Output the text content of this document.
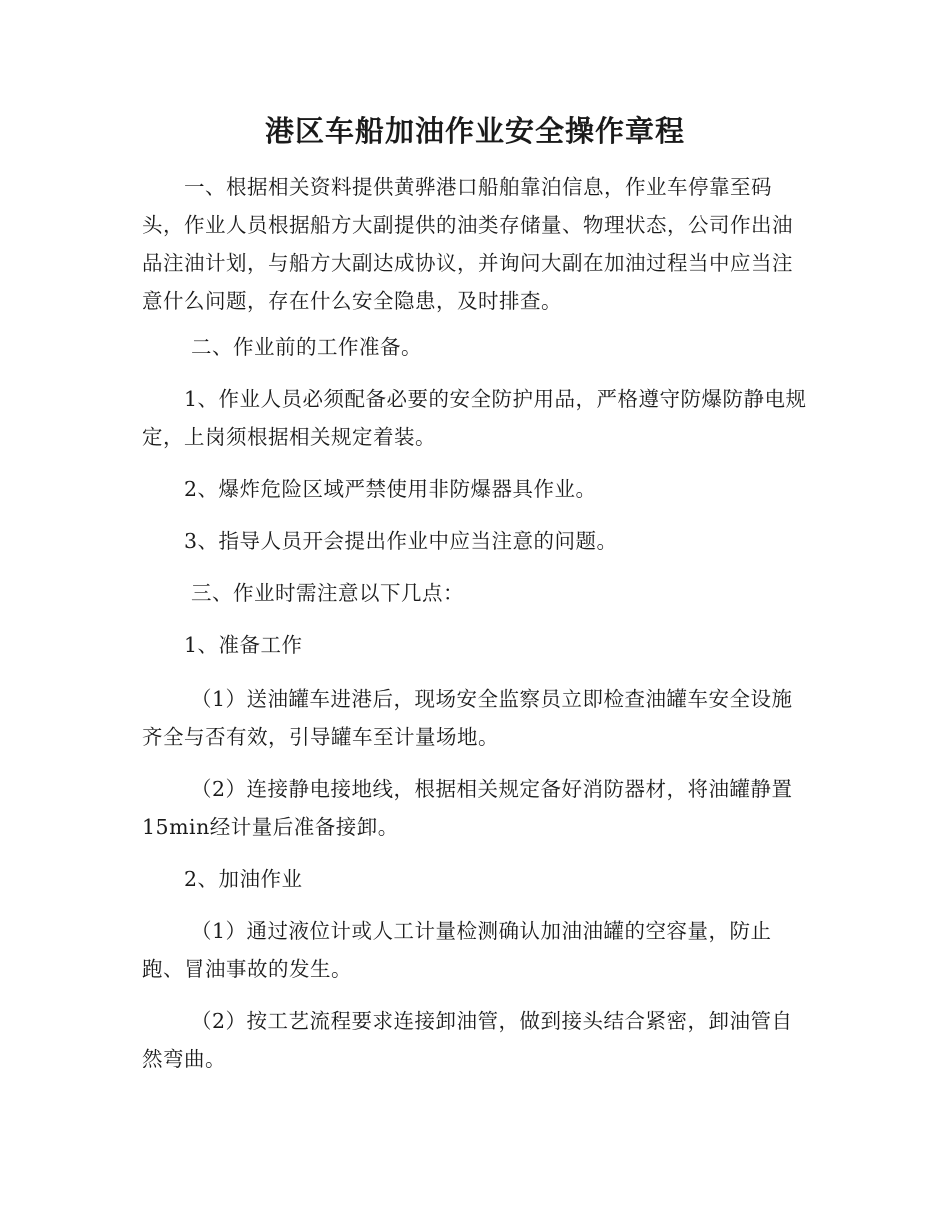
港区车船加油作业安全操作章程
　　一、根据相关资料提供黄骅港口船舶靠泊信息，作业车停靠至码头，作业人员根据船方大副提供的油类存储量、物理状态，公司作出油品注油计划，与船方大副达成协议，并询问大副在加油过程当中应当注意什么问题，存在什么安全隐患，及时排查。
　　 二、作业前的工作准备。
　　1、作业人员必须配备必要的安全防护用品，严格遵守防爆防静电规定，上岗须根据相关规定着装。
　　2、爆炸危险区域严禁使用非防爆器具作业。
　　3、指导人员开会提出作业中应当注意的问题。
　　 三、作业时需注意以下几点：
　　1、准备工作
　　 （1）送油罐车进港后，现场安全监察员立即检查油罐车安全设施齐全与否有效，引导罐车至计量场地。
　　 （2）连接静电接地线，根据相关规定备好消防器材，将油罐静置15min经计量后准备接卸。
　　2、加油作业
　　 （1）通过液位计或人工计量检测确认加油油罐的空容量，防止跑、冒油事故的发生。
　　 （2）按工艺流程要求连接卸油管，做到接头结合紧密，卸油管自然弯曲。
